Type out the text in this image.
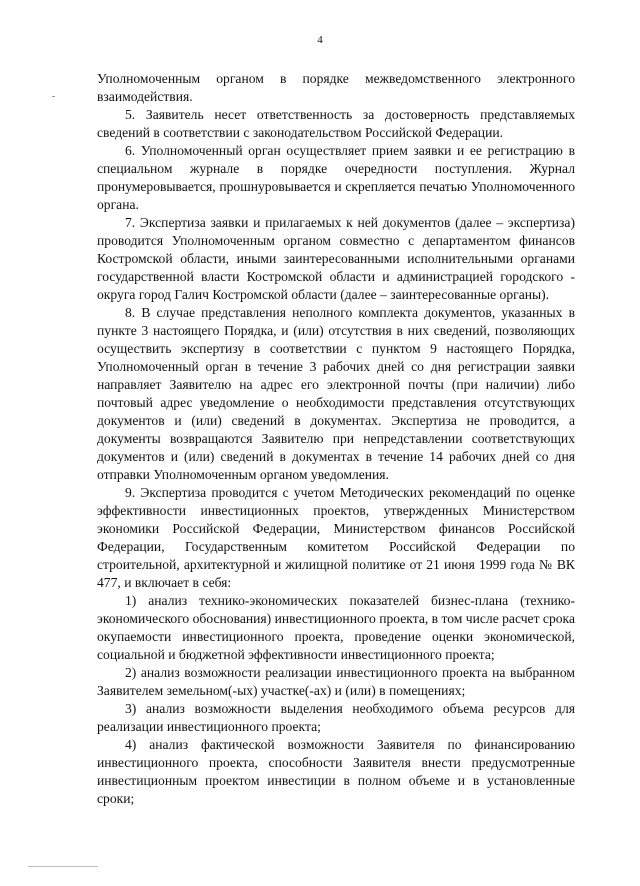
4

Уполномоченным органом в порядке межведомственного электронного взаимодействия.

5. Заявитель несет ответственность за достоверность представляемых сведений в соответствии с законодательством Российской Федерации.

6. Уполномоченный орган осуществляет прием заявки и ее регистрацию в специальном журнале в порядке очередности поступления. Журнал пронумеровывается, прошнуровывается и скрепляется печатью Уполномоченного органа.

7. Экспертиза заявки и прилагаемых к ней документов (далее – экспертиза) проводится Уполномоченным органом совместно с департаментом финансов Костромской области, иными заинтересованными исполнительными органами государственной власти Костромской области и администрацией городского - округа город Галич Костромской области (далее – заинтересованные органы).

8. В случае представления неполного комплекта документов, указанных в пункте 3 настоящего Порядка, и (или) отсутствия в них сведений, позволяющих осуществить экспертизу в соответствии с пунктом 9 настоящего Порядка, Уполномоченный орган в течение 3 рабочих дней со дня регистрации заявки направляет Заявителю на адрес его электронной почты (при наличии) либо почтовый адрес уведомление о необходимости представления отсутствующих документов и (или) сведений в документах. Экспертиза не проводится, а документы возвращаются Заявителю при непредставлении соответствующих документов и (или) сведений в документах в течение 14 рабочих дней со дня отправки Уполномоченным органом уведомления.

9. Экспертиза проводится с учетом Методических рекомендаций по оценке эффективности инвестиционных проектов, утвержденных Министерством экономики Российской Федерации, Министерством финансов Российской Федерации, Государственным комитетом Российской Федерации по строительной, архитектурной и жилищной политике от 21 июня 1999 года № ВК 477, и включает в себя:

1) анализ технико-экономических показателей бизнес-плана (технико-экономического обоснования) инвестиционного проекта, в том числе расчет срока окупаемости инвестиционного проекта, проведение оценки экономической, социальной и бюджетной эффективности инвестиционного проекта;

2) анализ возможности реализации инвестиционного проекта на выбранном Заявителем земельном(-ых) участке(-ах) и (или) в помещениях;

3) анализ возможности выделения необходимого объема ресурсов для реализации инвестиционного проекта;

4) анализ фактической возможности Заявителя по финансированию инвестиционного проекта, способности Заявителя внести предусмотренные инвестиционным проектом инвестиции в полном объеме и в установленные сроки;
